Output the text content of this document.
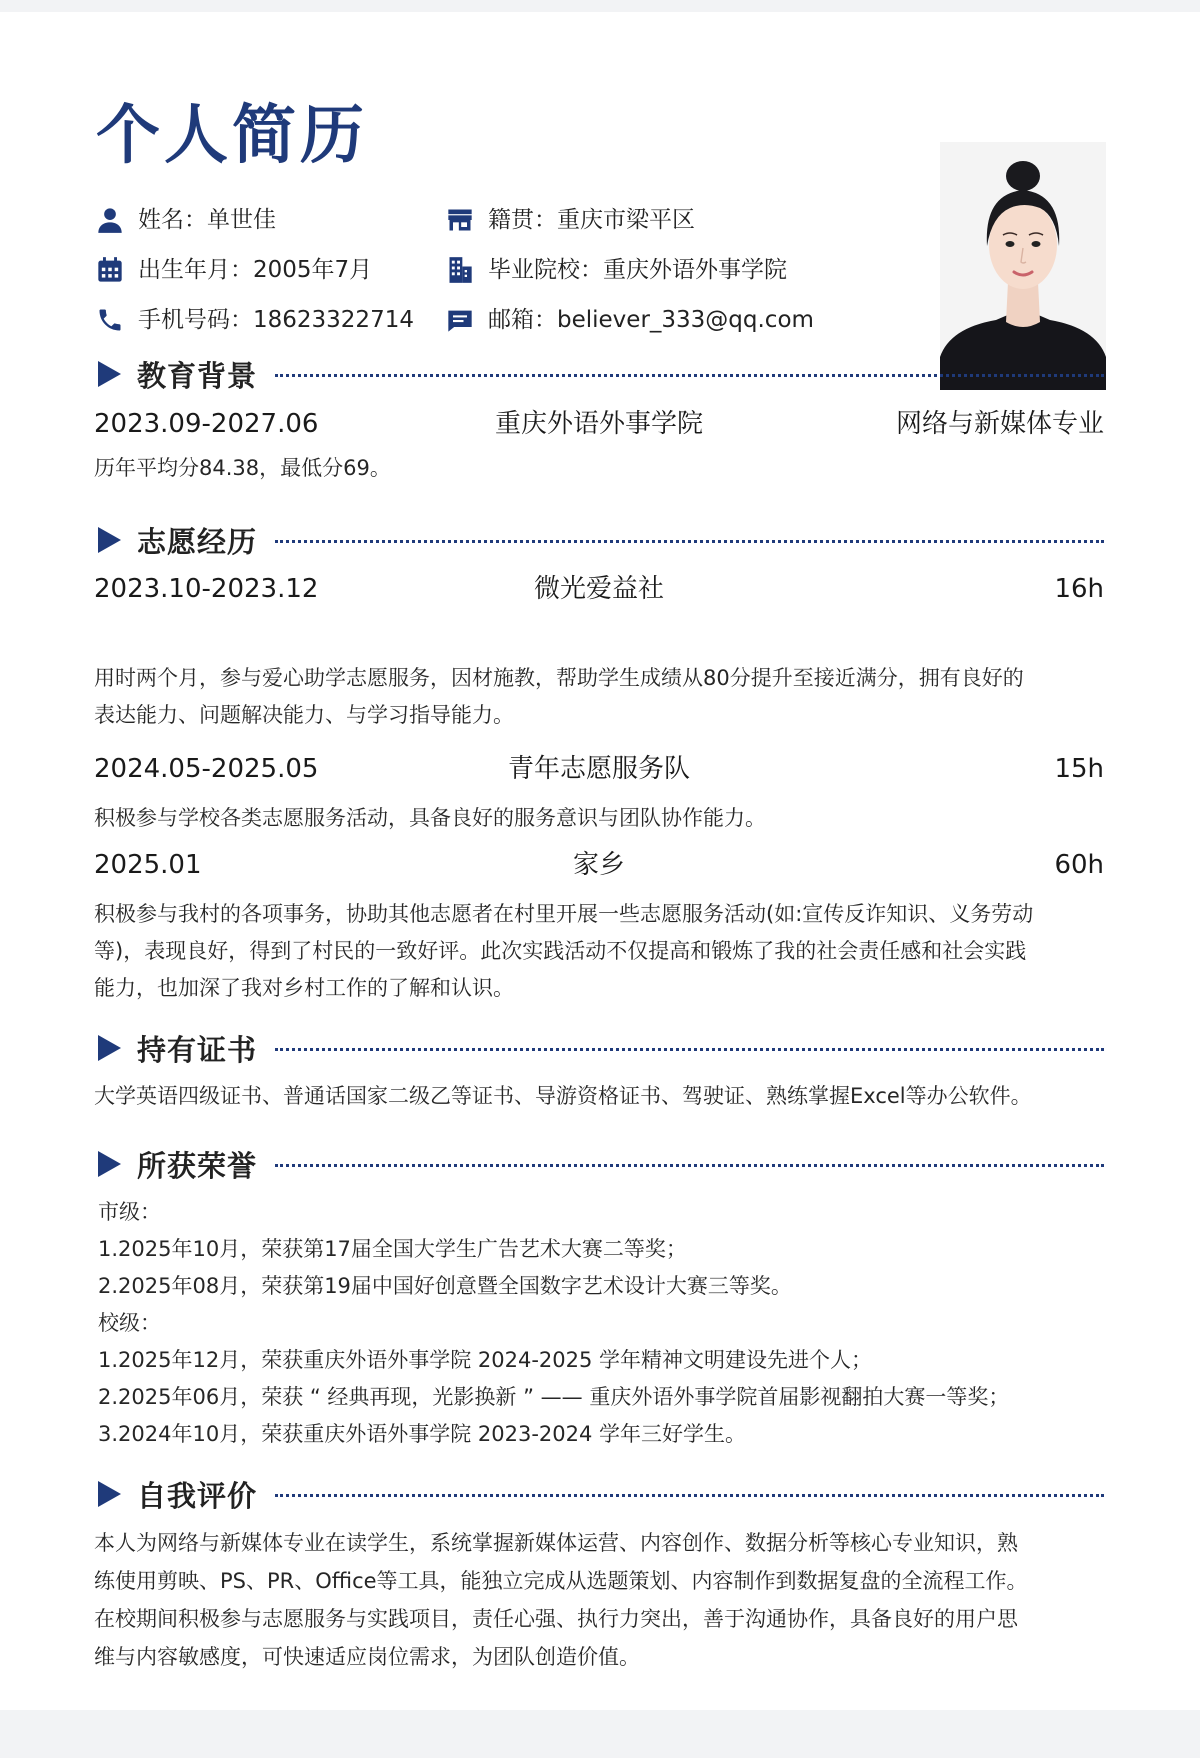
个人简历
姓名：单世佳	籍贯：重庆市梁平区
出生年月：2005年7月	毕业院校：重庆外语外事学院
手机号码：18623322714	邮箱：believer_333@qq.com
教育背景
2023.09-2027.06	重庆外语外事学院	网络与新媒体专业
历年平均分84.38，最低分69。
志愿经历
2023.10-2023.12	微光爱益社	16h
用时两个月，参与爱心助学志愿服务，因材施教，帮助学生成绩从80分提升至接近满分，拥有良好的
表达能力、问题解决能力、与学习指导能力。
2024.05-2025.05	青年志愿服务队	15h
积极参与学校各类志愿服务活动，具备良好的服务意识与团队协作能力。
2025.01	家乡	60h
积极参与我村的各项事务，协助其他志愿者在村里开展一些志愿服务活动(如:宣传反诈知识、义务劳动
等)，表现良好，得到了村民的一致好评。此次实践活动不仅提高和锻炼了我的社会责任感和社会实践
能力，也加深了我对乡村工作的了解和认识。
持有证书
大学英语四级证书、普通话国家二级乙等证书、导游资格证书、驾驶证、熟练掌握Excel等办公软件。
所获荣誉
市级：
1.2025年10月，荣获第17届全国大学生广告艺术大赛二等奖；
2.2025年08月，荣获第19届中国好创意暨全国数字艺术设计大赛三等奖。
校级：
1.2025年12月，荣获重庆外语外事学院 2024-2025 学年精神文明建设先进个人；
2.2025年06月，荣获 “ 经典再现，光影换新 ” —— 重庆外语外事学院首届影视翻拍大赛一等奖；
3.2024年10月，荣获重庆外语外事学院 2023-2024 学年三好学生。
自我评价
本人为网络与新媒体专业在读学生，系统掌握新媒体运营、内容创作、数据分析等核心专业知识，熟
练使用剪映、PS、PR、Office等工具，能独立完成从选题策划、内容制作到数据复盘的全流程工作。
在校期间积极参与志愿服务与实践项目，责任心强、执行力突出，善于沟通协作，具备良好的用户思
维与内容敏感度，可快速适应岗位需求，为团队创造价值。
